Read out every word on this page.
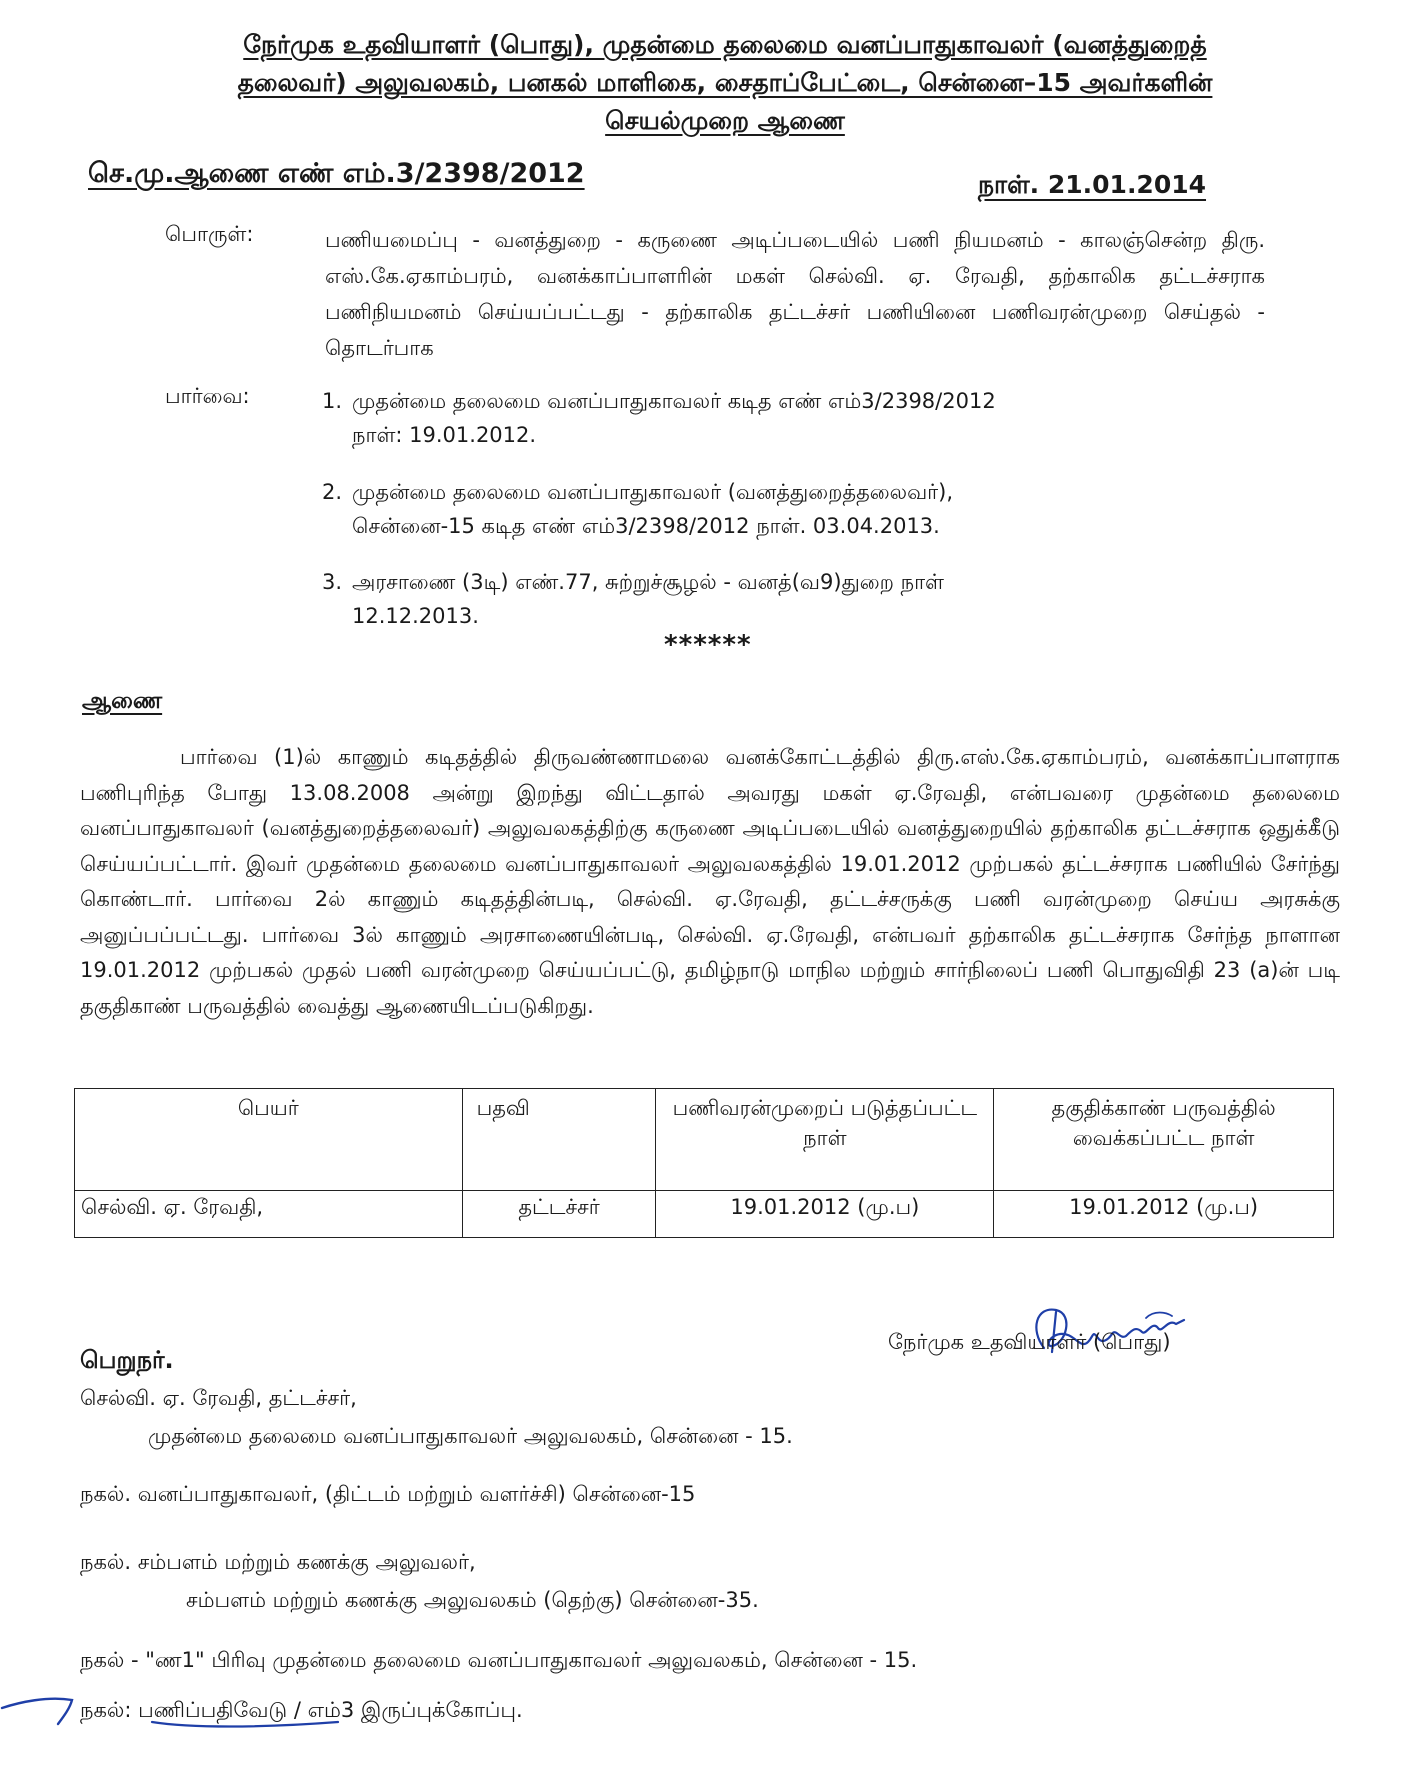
நேர்முக உதவியாளர் (பொது), முதன்மை தலைமை வனப்பாதுகாவலர் (வனத்துறைத்
தலைவர்) அலுவலகம், பனகல் மாளிகை, சைதாப்பேட்டை, சென்னை–15 அவர்களின்
செயல்முறை ஆணை
செ.மு.ஆணை எண் எம்.3/2398/2012	நாள். 21.01.2014
பொருள்:	பணியமைப்பு - வனத்துறை - கருணை அடிப்படையில் பணி நியமனம் - காலஞ்சென்ற திரு. எஸ்.கே.ஏகாம்பரம், வனக்காப்பாளரின் மகள் செல்வி. ஏ. ரேவதி, தற்காலிக தட்டச்சராக பணிநியமனம் செய்யப்பட்டது - தற்காலிக தட்டச்சர் பணியினை பணிவரன்முறை செய்தல் - தொடர்பாக
பார்வை:	1. முதன்மை தலைமை வனப்பாதுகாவலர் கடித எண் எம்3/2398/2012
நாள்: 19.01.2012.
2. முதன்மை தலைமை வனப்பாதுகாவலர் (வனத்துறைத்தலைவர்),
சென்னை-15 கடித எண் எம்3/2398/2012 நாள். 03.04.2013.
3. அரசாணை (3டி) எண்.77, சுற்றுச்சூழல் - வனத்(வ9)துறை நாள்
12.12.2013.
******
ஆணை
பார்வை (1)ல் காணும் கடிதத்தில் திருவண்ணாமலை வனக்கோட்டத்தில் திரு.எஸ்.கே.ஏகாம்பரம், வனக்காப்பாளராக பணிபுரிந்த போது 13.08.2008 அன்று இறந்து விட்டதால் அவரது மகள் ஏ.ரேவதி, என்பவரை முதன்மை தலைமை வனப்பாதுகாவலர் (வனத்துறைத்தலைவர்) அலுவலகத்திற்கு கருணை அடிப்படையில் வனத்துறையில் தற்காலிக தட்டச்சராக ஒதுக்கீடு செய்யப்பட்டார். இவர் முதன்மை தலைமை வனப்பாதுகாவலர் அலுவலகத்தில் 19.01.2012 முற்பகல் தட்டச்சராக பணியில் சேர்ந்து கொண்டார். பார்வை 2ல் காணும் கடிதத்தின்படி, செல்வி. ஏ.ரேவதி, தட்டச்சருக்கு பணி வரன்முறை செய்ய அரசுக்கு அனுப்பப்பட்டது. பார்வை 3ல் காணும் அரசாணையின்படி, செல்வி. ஏ.ரேவதி, என்பவர் தற்காலிக தட்டச்சராக சேர்ந்த நாளான 19.01.2012 முற்பகல் முதல் பணி வரன்முறை செய்யப்பட்டு, தமிழ்நாடு மாநில மற்றும் சார்நிலைப் பணி பொதுவிதி 23 (a)ன் படி தகுதிகாண் பருவத்தில் வைத்து ஆணையிடப்படுகிறது.
பெயர்	பதவி	பணிவரன்முறைப் படுத்தப்பட்ட நாள்	தகுதிக்காண் பருவத்தில் வைக்கப்பட்ட நாள்
செல்வி. ஏ. ரேவதி,	தட்டச்சர்	19.01.2012 (மு.ப)	19.01.2012 (மு.ப)
நேர்முக உதவியாளர் (பொது)
பெறுநர்.
செல்வி. ஏ. ரேவதி, தட்டச்சர்,
முதன்மை தலைமை வனப்பாதுகாவலர் அலுவலகம், சென்னை - 15.
நகல். வனப்பாதுகாவலர், (திட்டம் மற்றும் வளர்ச்சி) சென்னை-15
நகல். சம்பளம் மற்றும் கணக்கு அலுவலர்,
சம்பளம் மற்றும் கணக்கு அலுவலகம் (தெற்கு) சென்னை-35.
நகல் - "ண1" பிரிவு முதன்மை தலைமை வனப்பாதுகாவலர் அலுவலகம், சென்னை - 15.
நகல்: பணிப்பதிவேடு / எம்3 இருப்புக்கோப்பு.
